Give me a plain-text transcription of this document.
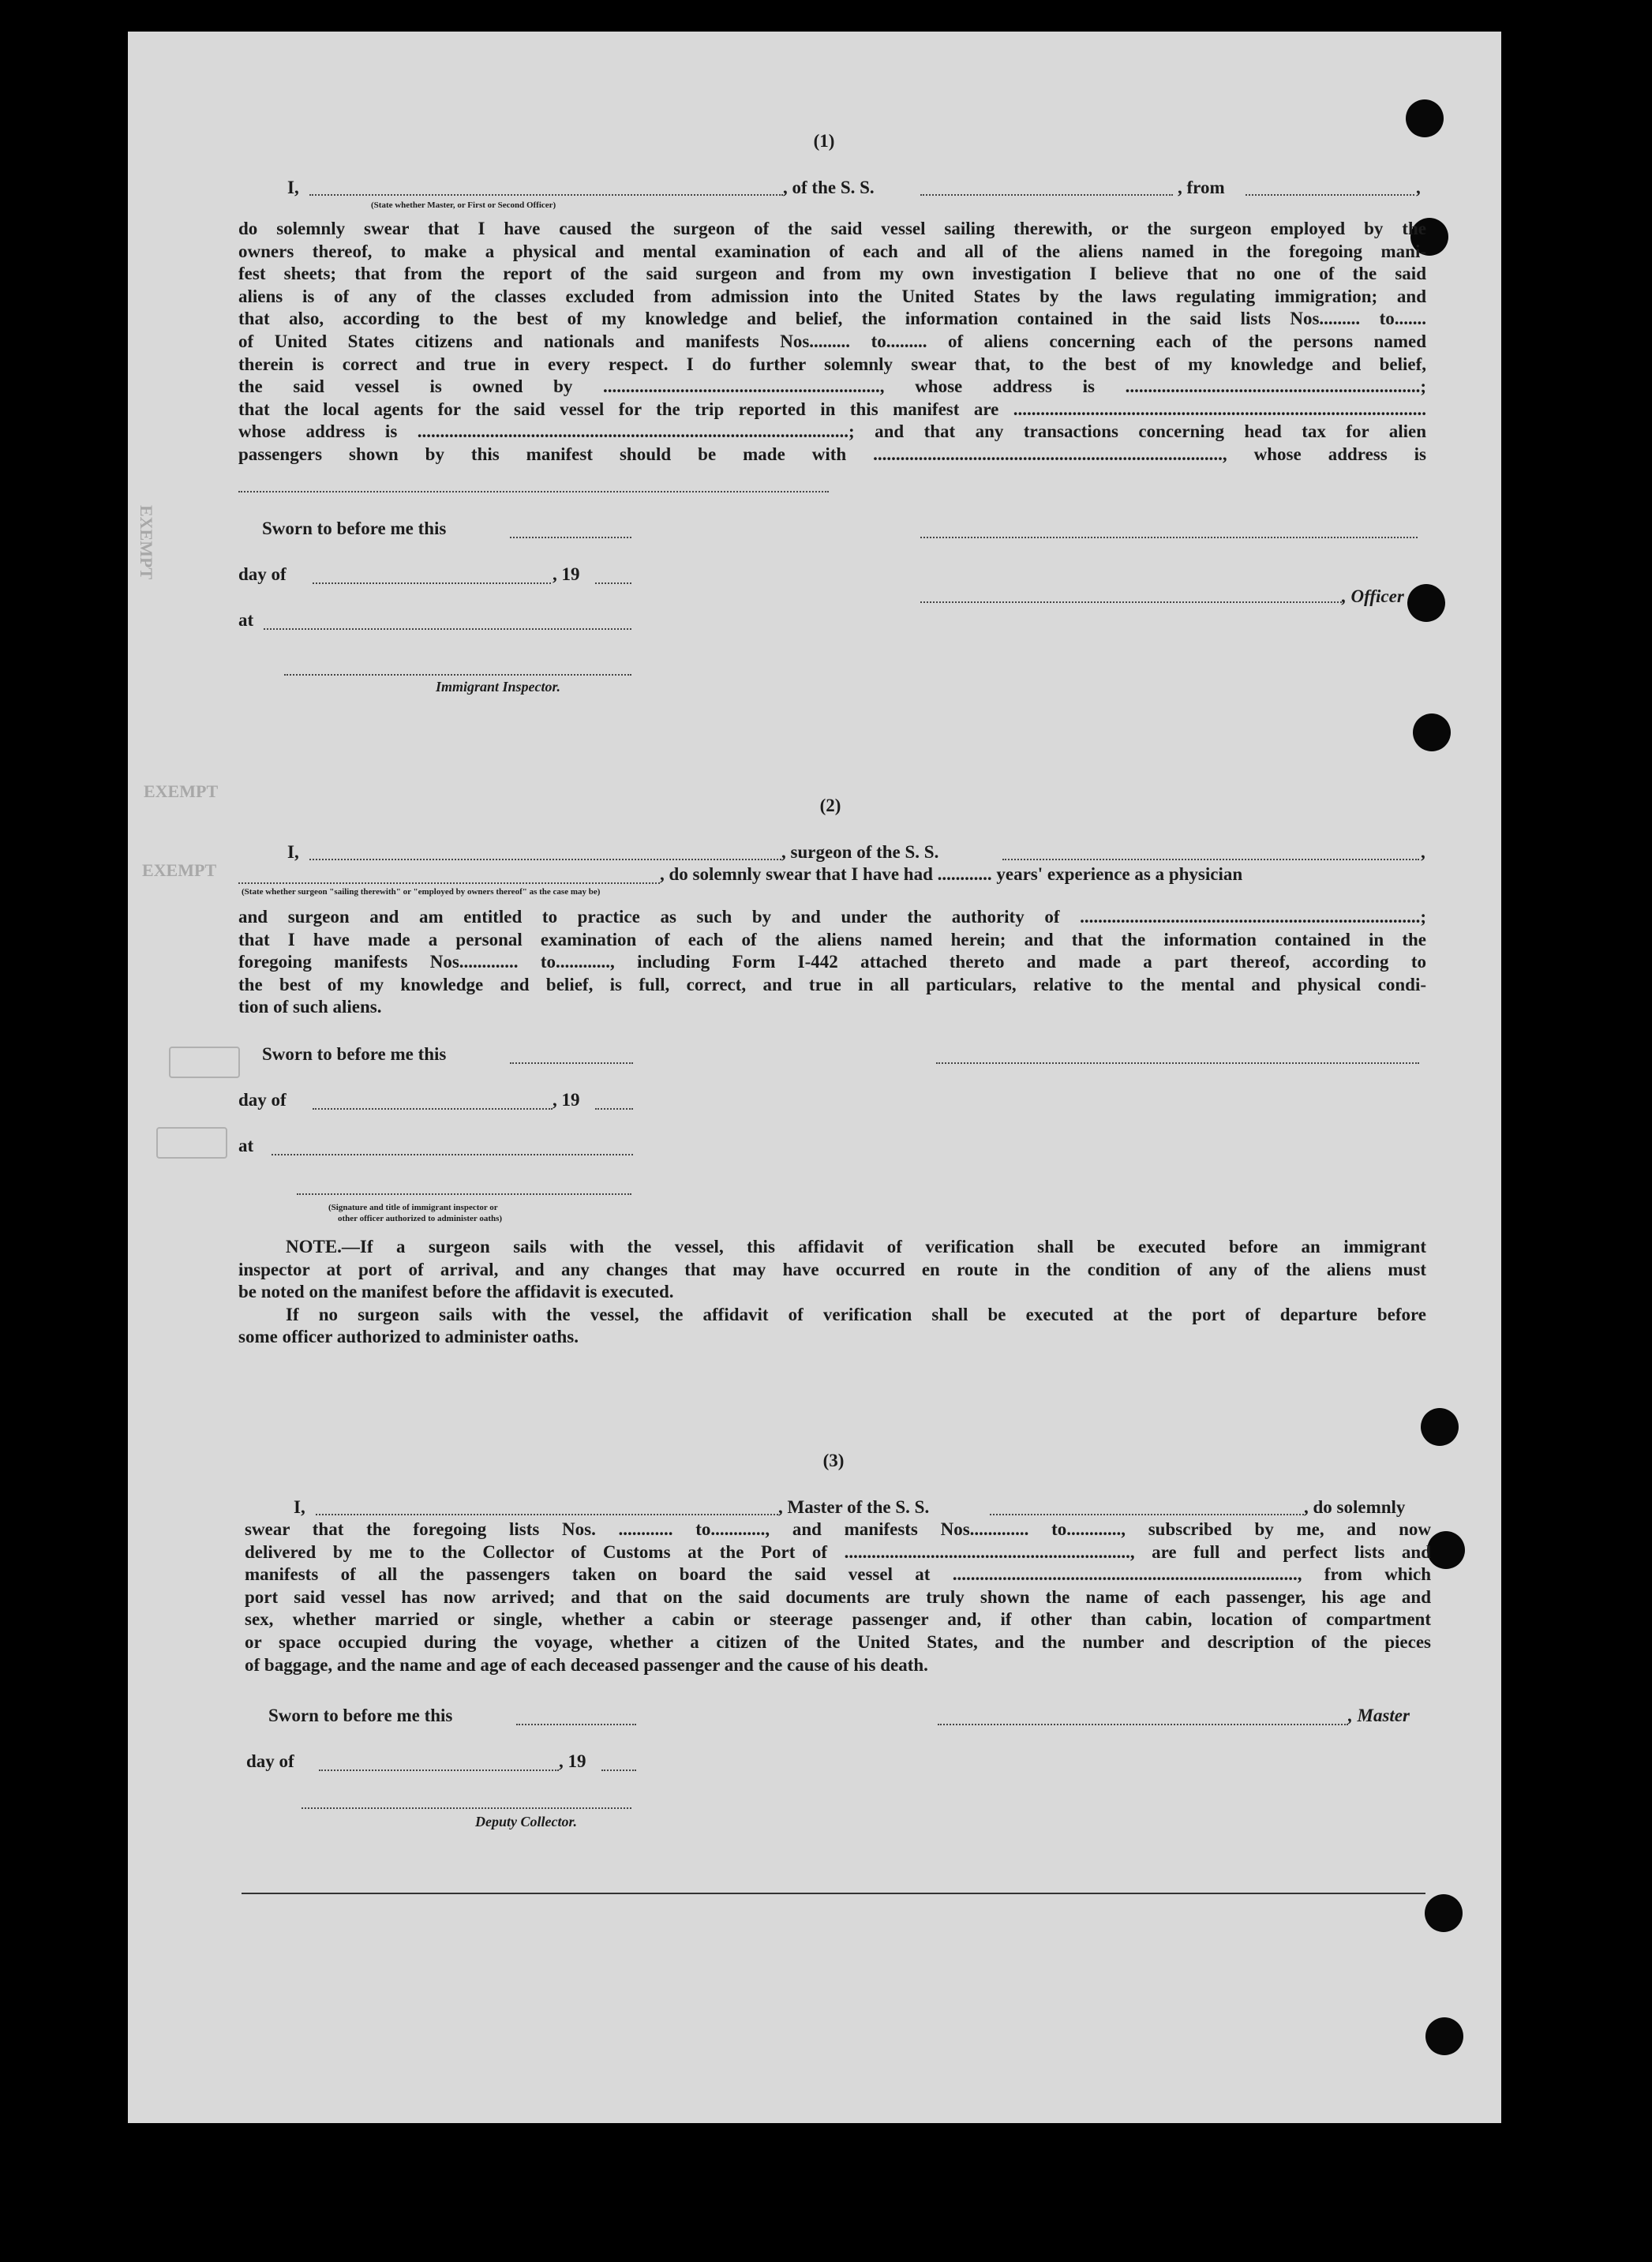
EXEMPT
EXEMPT
EXEMPT
(1)
I,	, of the S. S.	, from	,
(State whether Master, or First or Second Officer)
do solemnly swear that I have caused the surgeon of the said vessel sailing therewith, or the surgeon employed by the
owners thereof, to make a physical and mental examination of each and all of the aliens named in the foregoing mani-
fest sheets; that from the report of the said surgeon and from my own investigation I believe that no one of the said
aliens is of any of the classes excluded from admission into the United States by the laws regulating immigration; and
that also, according to the best of my knowledge and belief, the information contained in the said lists Nos......... to.......
of United States citizens and nationals and manifests Nos......... to......... of aliens concerning each of the persons named
therein is correct and true in every respect. I do further solemnly swear that, to the best of my knowledge and belief,
the said vessel is owned by ............................................................., whose address is .................................................................;
that the local agents for the said vessel for the trip reported in this manifest are ...........................................................................................
whose address is ...............................................................................................; and that any transactions concerning head tax for alien
passengers shown by this manifest should be made with ............................................................................., whose address is
Sworn to before me this
day of	, 19
, Officer
at
Immigrant Inspector.
(2)
I,	, surgeon of the S. S.	,
, do solemnly swear that I have had ............ years' experience as a physician
(State whether surgeon "sailing therewith" or "employed by owners thereof" as the case may be)
and surgeon and am entitled to practice as such by and under the authority of ...........................................................................;
that I have made a personal examination of each of the aliens named herein; and that the information contained in the
foregoing manifests Nos............. to............, including Form I-442 attached thereto and made a part thereof, according to
the best of my knowledge and belief, is full, correct, and true in all particulars, relative to the mental and physical condi-
tion of such aliens.
Sworn to before me this
day of	, 19
at
(Signature and title of immigrant inspector or
other officer authorized to administer oaths)
NOTE.—If a surgeon sails with the vessel, this affidavit of verification shall be executed before an immigrant
inspector at port of arrival, and any changes that may have occurred en route in the condition of any of the aliens must
be noted on the manifest before the affidavit is executed.
If no surgeon sails with the vessel, the affidavit of verification shall be executed at the port of departure before
some officer authorized to administer oaths.
(3)
I,	, Master of the S. S.	, do solemnly
swear that the foregoing lists Nos. ............ to............, and manifests Nos............. to............, subscribed by me, and now
delivered by me to the Collector of Customs at the Port of ..............................................................., are full and perfect lists and
manifests of all the passengers taken on board the said vessel at ............................................................................, from which
port said vessel has now arrived; and that on the said documents are truly shown the name of each passenger, his age and
sex, whether married or single, whether a cabin or steerage passenger and, if other than cabin, location of compartment
or space occupied during the voyage, whether a citizen of the United States, and the number and description of the pieces
of baggage, and the name and age of each deceased passenger and the cause of his death.
Sworn to before me this	, Master
day of	, 19
Deputy Collector.
